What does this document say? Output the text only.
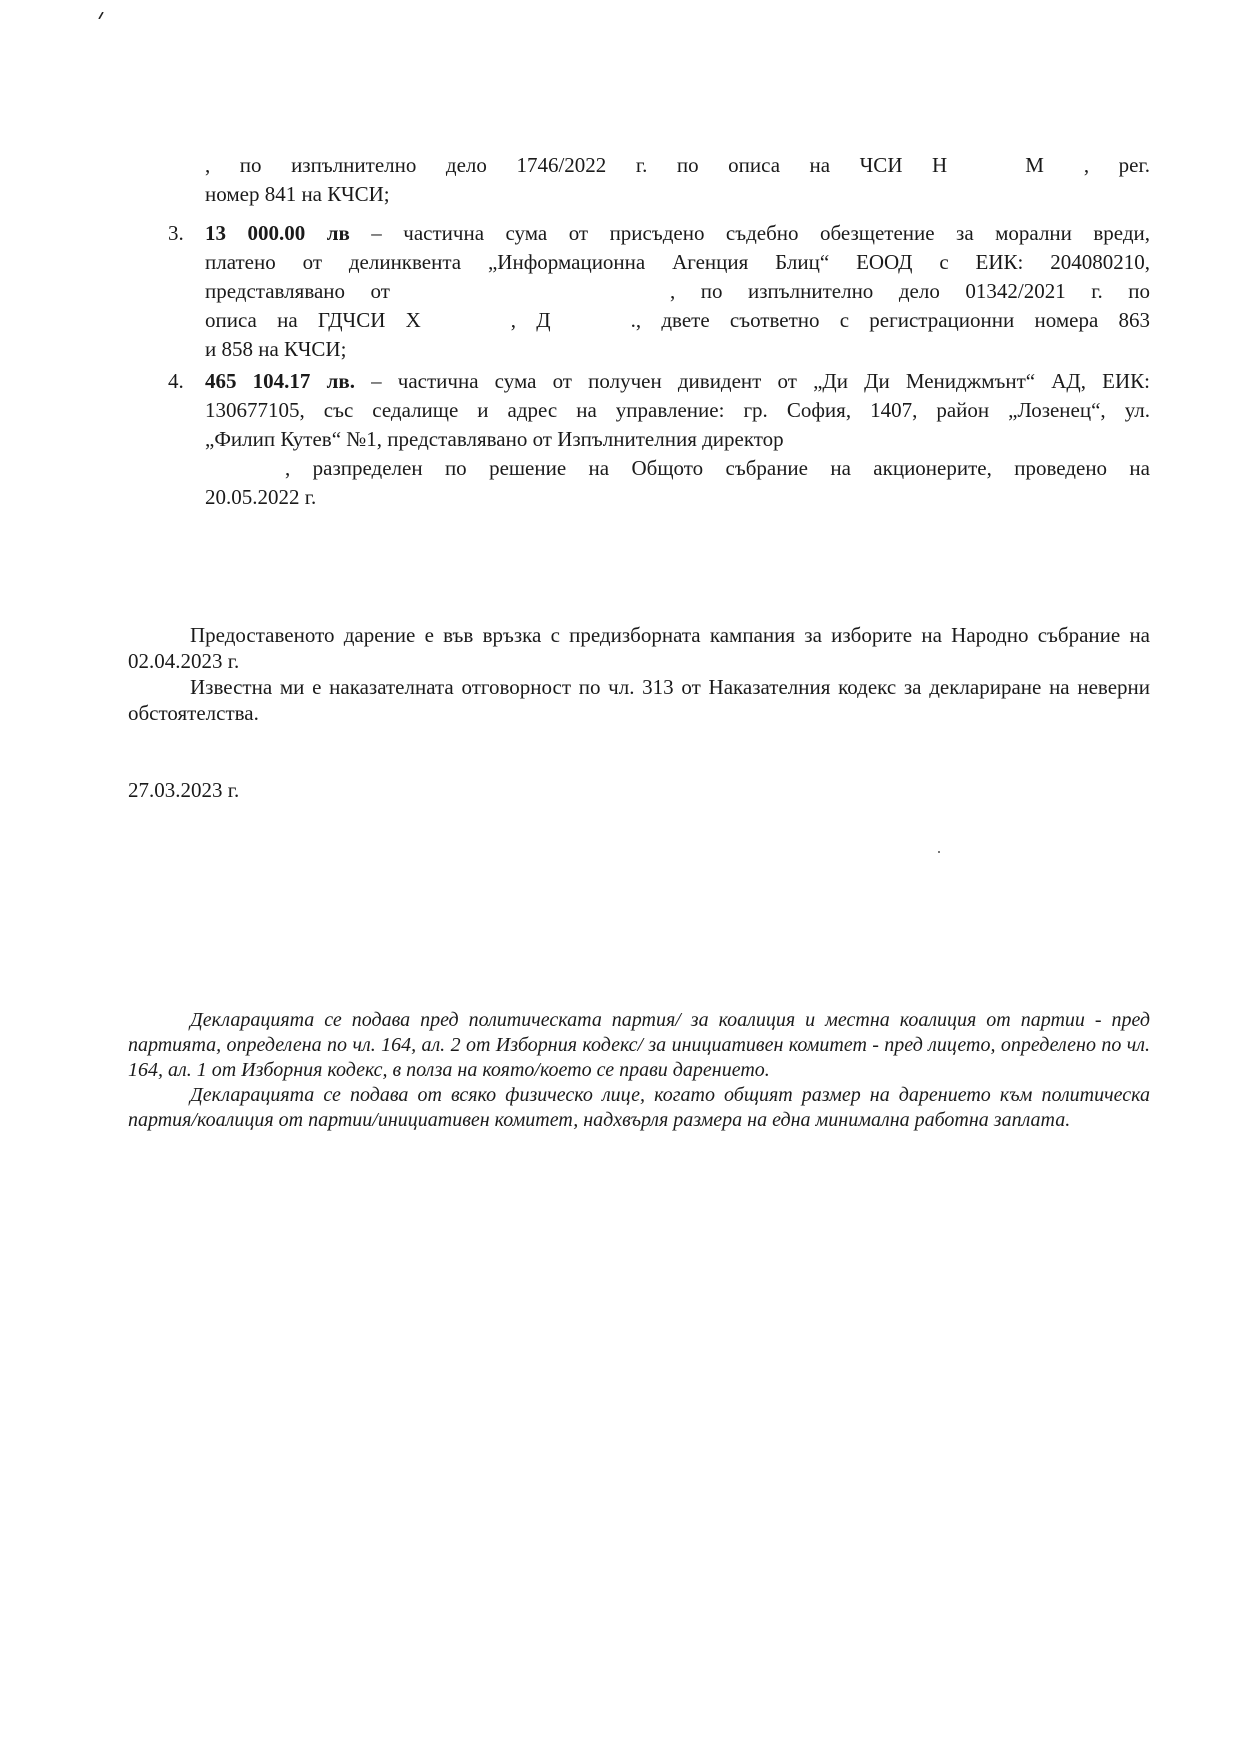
, по изпълнително дело 1746/2022 г. по описа на ЧСИ Н	М , рег.
номер 841 на КЧСИ;
3.	13 000.00 лв – частична сума от присъдено съдебно обезщетение за морални вреди,
платено от делинквента „Информационна Агенция Блиц“ ЕООД с ЕИК: 204080210,
представлявано от	, по изпълнително дело 01342/2021 г. по
описа на ГДЧСИ Х	, Д	., двете съответно с регистрационни номера 863
и 858 на КЧСИ;
4.	465 104.17 лв. – частична сума от получен дивидент от „Ди Ди Мениджмънт“ АД, ЕИК:
130677105, със седалище и адрес на управление: гр. София, 1407, район „Лозенец“, ул.
„Филип Кутев“ №1, представлявано от Изпълнителния директор
, разпределен по решение на Общото събрание на акционерите, проведено на
20.05.2022 г.
Предоставеното дарение е във връзка с предизборната кампания за изборите на Народно събрание на 02.04.2023 г.
Известна ми е наказателната отговорност по чл. 313 от Наказателния кодекс за деклариране на неверни обстоятелства.
27.03.2023 г.
Декларацията се подава пред политическата партия/ за коалиция и местна коалиция от партии - пред партията, определена по чл. 164, ал. 2 от Изборния кодекс/ за инициативен комитет - пред лицето, определено по чл. 164, ал. 1 от Изборния кодекс, в полза на която/което се прави дарението.
Декларацията се подава от всяко физическо лице, когато общият размер на дарението към политическа партия/коалиция от партии/инициативен комитет, надхвърля размера на една минимална работна заплата.
